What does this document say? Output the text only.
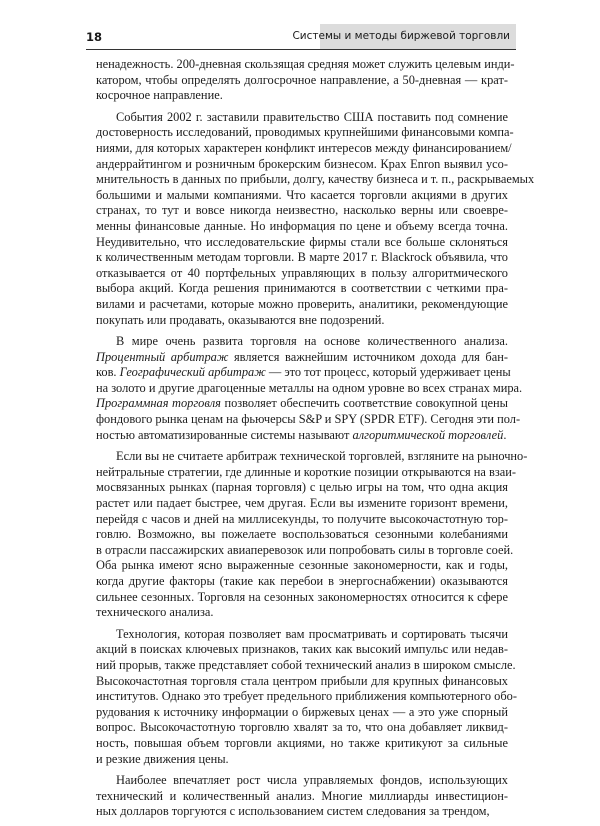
18	Системы и методы биржевой торговли
ненадежность. 200-дневная скользящая средняя может служить целевым инди-
катором, чтобы определять долгосрочное направление, а 50-дневная — крат-
косрочное направление.
События 2002 г. заставили правительство США поставить под сомнение
достоверность исследований, проводимых крупнейшими финансовыми компа-
ниями, для которых характерен конфликт интересов между финансированием/
андеррайтингом и розничным брокерским бизнесом. Крах Enron выявил усо-
мнительность в данных по прибыли, долгу, качеству бизнеса и т. п., раскрываемых
большими и малыми компаниями. Что касается торговли акциями в других
странах, то тут и вовсе никогда неизвестно, насколько верны или своевре-
менны финансовые данные. Но информация по цене и объему всегда точна.
Неудивительно, что исследовательские фирмы стали все больше склоняться
к количественным методам торговли. В марте 2017 г. Blackrock объявила, что
отказывается от 40 портфельных управляющих в пользу алгоритмического
выбора акций. Когда решения принимаются в соответствии с четкими пра-
вилами и расчетами, которые можно проверить, аналитики, рекомендующие
покупать или продавать, оказываются вне подозрений.
В мире очень развита торговля на основе количественного анализа.
Процентный арбитраж является важнейшим источником дохода для бан-
ков. Географический арбитраж — это тот процесс, который удерживает цены
на золото и другие драгоценные металлы на одном уровне во всех странах мира.
Программная торговля позволяет обеспечить соответствие совокупной цены
фондового рынка ценам на фьючерсы S&P и SPY (SPDR ETF). Сегодня эти пол-
ностью автоматизированные системы называют алгоритмической торговлей.
Если вы не считаете арбитраж технической торговлей, взгляните на рыночно-
нейтральные стратегии, где длинные и короткие позиции открываются на взаи-
мосвязанных рынках (парная торговля) с целью игры на том, что одна акция
растет или падает быстрее, чем другая. Если вы измените горизонт времени,
перейдя с часов и дней на миллисекунды, то получите высокочастотную тор-
говлю. Возможно, вы пожелаете воспользоваться сезонными колебаниями
в отрасли пассажирских авиаперевозок или попробовать силы в торговле соей.
Оба рынка имеют ясно выраженные сезонные закономерности, как и годы,
когда другие факторы (такие как перебои в энергоснабжении) оказываются
сильнее сезонных. Торговля на сезонных закономерностях относится к сфере
технического анализа.
Технология, которая позволяет вам просматривать и сортировать тысячи
акций в поисках ключевых признаков, таких как высокий импульс или недав-
ний прорыв, также представляет собой технический анализ в широком смысле.
Высокочастотная торговля стала центром прибыли для крупных финансовых
институтов. Однако это требует предельного приближения компьютерного обо-
рудования к источнику информации о биржевых ценах — а это уже спорный
вопрос. Высокочастотную торговлю хвалят за то, что она добавляет ликвид-
ность, повышая объем торговли акциями, но также критикуют за сильные
и резкие движения цены.
Наиболее впечатляет рост числа управляемых фондов, использующих
технический и количественный анализ. Многие миллиарды инвестицион-
ных долларов торгуются с использованием систем следования за трендом,
